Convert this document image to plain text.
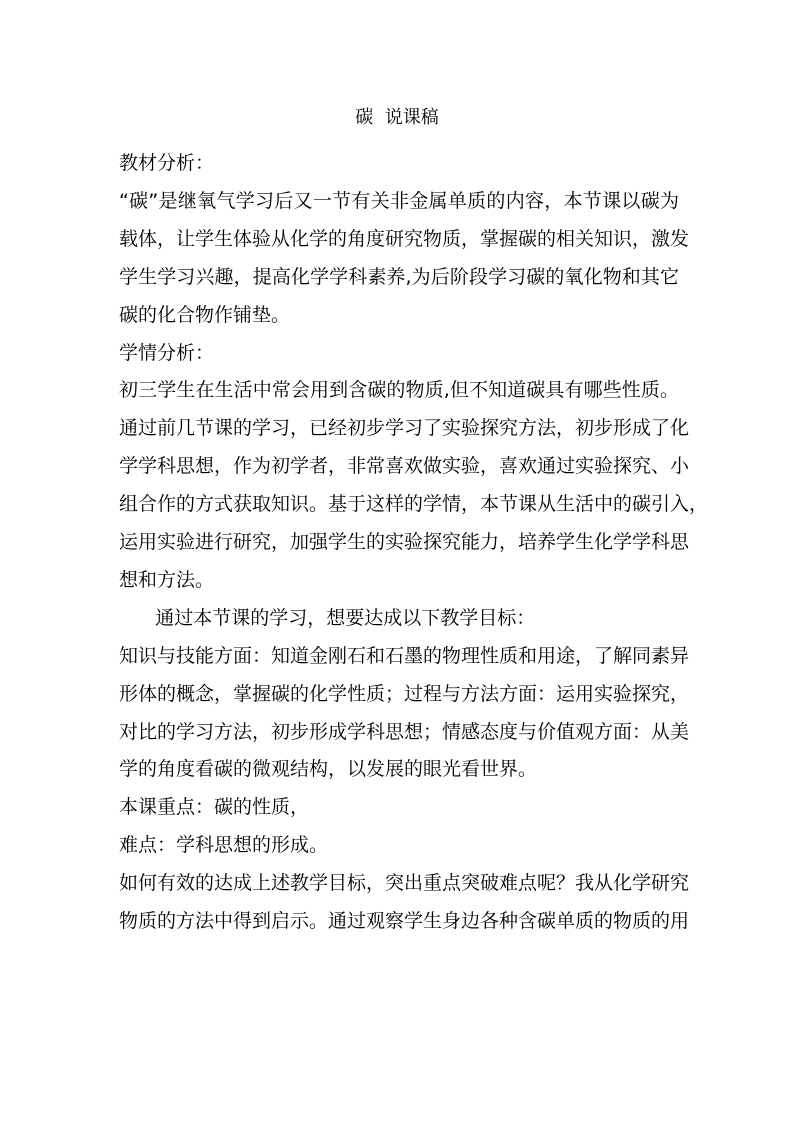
碳  说课稿
教材分析：
“碳”是继氧气学习后又一节有关非金属单质的内容，本节课以碳为
载体，让学生体验从化学的角度研究物质，掌握碳的相关知识，激发
学生学习兴趣，提高化学学科素养,为后阶段学习碳的氧化物和其它
碳的化合物作铺垫。
学情分析：
初三学生在生活中常会用到含碳的物质,但不知道碳具有哪些性质。
通过前几节课的学习，已经初步学习了实验探究方法，初步形成了化
学学科思想，作为初学者，非常喜欢做实验，喜欢通过实验探究、小
组合作的方式获取知识。基于这样的学情，本节课从生活中的碳引入，
运用实验进行研究，加强学生的实验探究能力，培养学生化学学科思
想和方法。
通过本节课的学习，想要达成以下教学目标：
知识与技能方面：知道金刚石和石墨的物理性质和用途，了解同素异
形体的概念，掌握碳的化学性质；过程与方法方面：运用实验探究，
对比的学习方法，初步形成学科思想；情感态度与价值观方面：从美
学的角度看碳的微观结构，以发展的眼光看世界。
本课重点：碳的性质，
难点：学科思想的形成。
如何有效的达成上述教学目标，突出重点突破难点呢？我从化学研究
物质的方法中得到启示。通过观察学生身边各种含碳单质的物质的用
